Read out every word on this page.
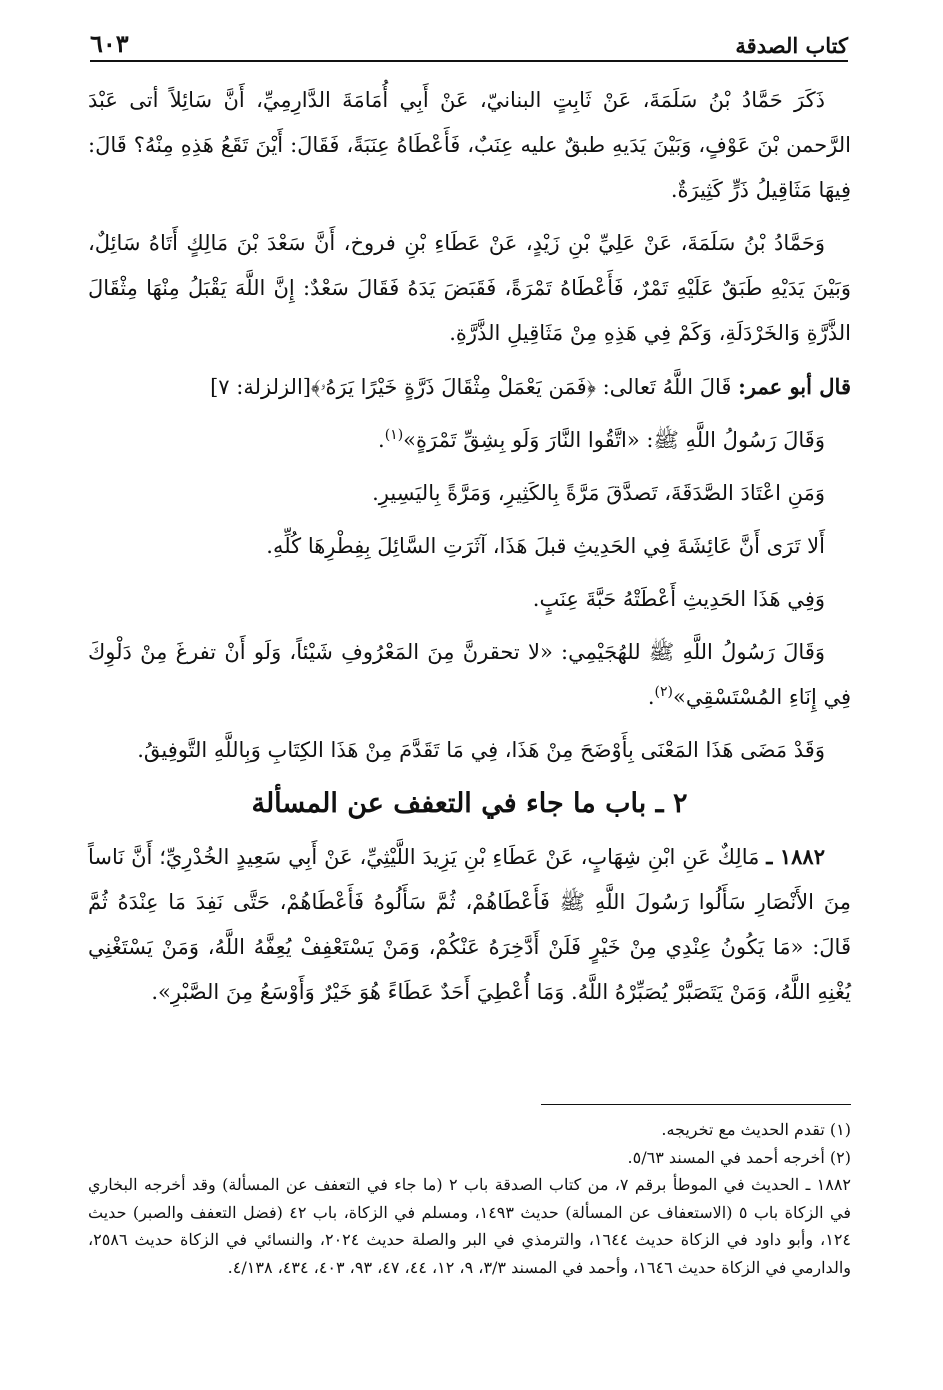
كتاب الصدقة
٦٠٣

ذَكَرَ حَمَّادُ بْنُ سَلَمَةَ، عَنْ ثَابِتٍ البنانيّ، عَنْ أَبِي أُمَامَةَ الدَّارِمِيِّ، أَنَّ سَائِلاً أتى عَبْدَ الرَّحمن بْنَ عَوْفٍ، وَبَيْنَ يَدَيهِ طبقٌ عليه عِنَبٌ، فَأَعْطَاهُ عِنَبَةً، فَقَالَ: أَيْنَ تَقَعُ هَذِهِ مِنْهُ؟ قَالَ: فِيهَا مَثَاقِيلُ ذَرٍّ كَثِيرَةٌ.

وَحَمَّادُ بْنُ سَلَمَةَ، عَنْ عَلِيِّ بْنِ زَيْدٍ، عَنْ عَطَاءِ بْنِ فروخ، أَنَّ سَعْدَ بْنَ مَالِكٍ أَتَاهُ سَائِلٌ، وَبَيْنَ يَدَيْهِ طَبَقٌ عَلَيْهِ تَمْرٌ، فَأَعْطَاهُ تَمْرَةً، فَقَبَضَ يَدَهُ فَقَالَ سَعْدٌ: إِنَّ اللَّهَ يَقْبَلُ مِنْهَا مِثْقَالَ الذَّرَّةِ وَالخَرْدَلَةِ، وَكَمْ فِي هَذِهِ مِنْ مَثَاقِيلِ الذَّرَّةِ.

قال أبو عمر: قَالَ اللَّهُ تَعالى: ﴿فَمَن يَعْمَلْ مِثْقَالَ ذَرَّةٍ خَيْرًا يَرَهُۥ﴾[الزلزلة: ٧]

وَقَالَ رَسُولُ اللَّهِ ﷺ: «اتَّقُوا النَّارَ وَلَو بِشِقِّ تَمْرَةٍ»$^{(١)}$.

وَمَنِ اعْتَادَ الصَّدَقَةَ، تَصدَّقَ مَرَّةً بِالكَثِيرِ، وَمَرَّةً بِاليَسِيرِ.

أَلا تَرَى أَنَّ عَائِشَةَ فِي الحَدِيثِ قبلَ هَذَا، آثَرَتِ السَّائِلَ بِفِطْرِهَا كُلِّهِ.

وَفِي هَذَا الحَدِيثِ أَعْطَتْهُ حَبَّةَ عِنَبٍ.

وَقَالَ رَسُولُ اللَّهِ ﷺ للهُجَيْمِي: «لا تحقرنَّ مِنَ المَعْرُوفِ شَيْئاً، وَلَو أَنْ تفرغَ مِنْ دَلْوِكَ فِي إِنَاءِ المُسْتَسْقِي»$^{(٢)}$.

وَقَدْ مَضَى هَذَا المَعْنَى بِأَوْضَحَ مِنْ هَذَا، فِي مَا تَقَدَّمَ مِنْ هَذَا الكِتَابِ وَبِاللَّهِ التَّوفِيقُ.

٢ ـ باب ما جاء في التعفف عن المسألة

١٨٨٢ ـ مَالِكٌ عَنِ ابْنِ شِهَابٍ، عَنْ عَطَاءِ بْنِ يَزِيدَ اللَّيْثِيِّ، عَنْ أَبِي سَعِيدٍ الخُدْرِيِّ؛ أَنَّ نَاساً مِنَ الأَنْصَارِ سَأَلُوا رَسُولَ اللَّهِ ﷺ فَأَعْطَاهُمْ، ثُمَّ سَأَلُوهُ فَأَعْطَاهُمْ، حَتَّى نَفِدَ مَا عِنْدَهُ ثُمَّ قَالَ: «مَا يَكُونُ عِنْدِي مِنْ خَيْرٍ فَلَنْ أَدَّخِرَهُ عَنْكُمْ، وَمَنْ يَسْتَعْفِفْ يُعِفَّهُ اللَّهُ، وَمَنْ يَسْتَغْنِي يُغْنِهِ اللَّهُ، وَمَنْ يَتَصَبَّرْ يُصَبِّرْهُ اللَّهُ. وَمَا أُعْطِيَ أَحَدٌ عَطَاءً هُوَ خَيْرٌ وَأَوْسَعُ مِنَ الصَّبْرِ».

(١) تقدم الحديث مع تخريجه.
(٢) أخرجه أحمد في المسند ٥/٦٣.
١٨٨٢ ـ الحديث في الموطأ برقم ٧، من كتاب الصدقة باب ٢ (ما جاء في التعفف عن المسألة) وقد أخرجه البخاري في الزكاة باب ٥ (الاستعفاف عن المسألة) حديث ١٤٩٣، ومسلم في الزكاة، باب ٤٢ (فضل التعفف والصبر) حديث ١٢٤، وأبو داود في الزكاة حديث ١٦٤٤، والترمذي في البر والصلة حديث ٢٠٢٤، والنسائي في الزكاة حديث ٢٥٨٦، والدارمي في الزكاة حديث ١٦٤٦، وأحمد في المسند ٣/٣، ٩، ١٢، ٤٤، ٤٧، ٩٣، ٤٠٣، ٤٣٤، ٤/١٣٨.
